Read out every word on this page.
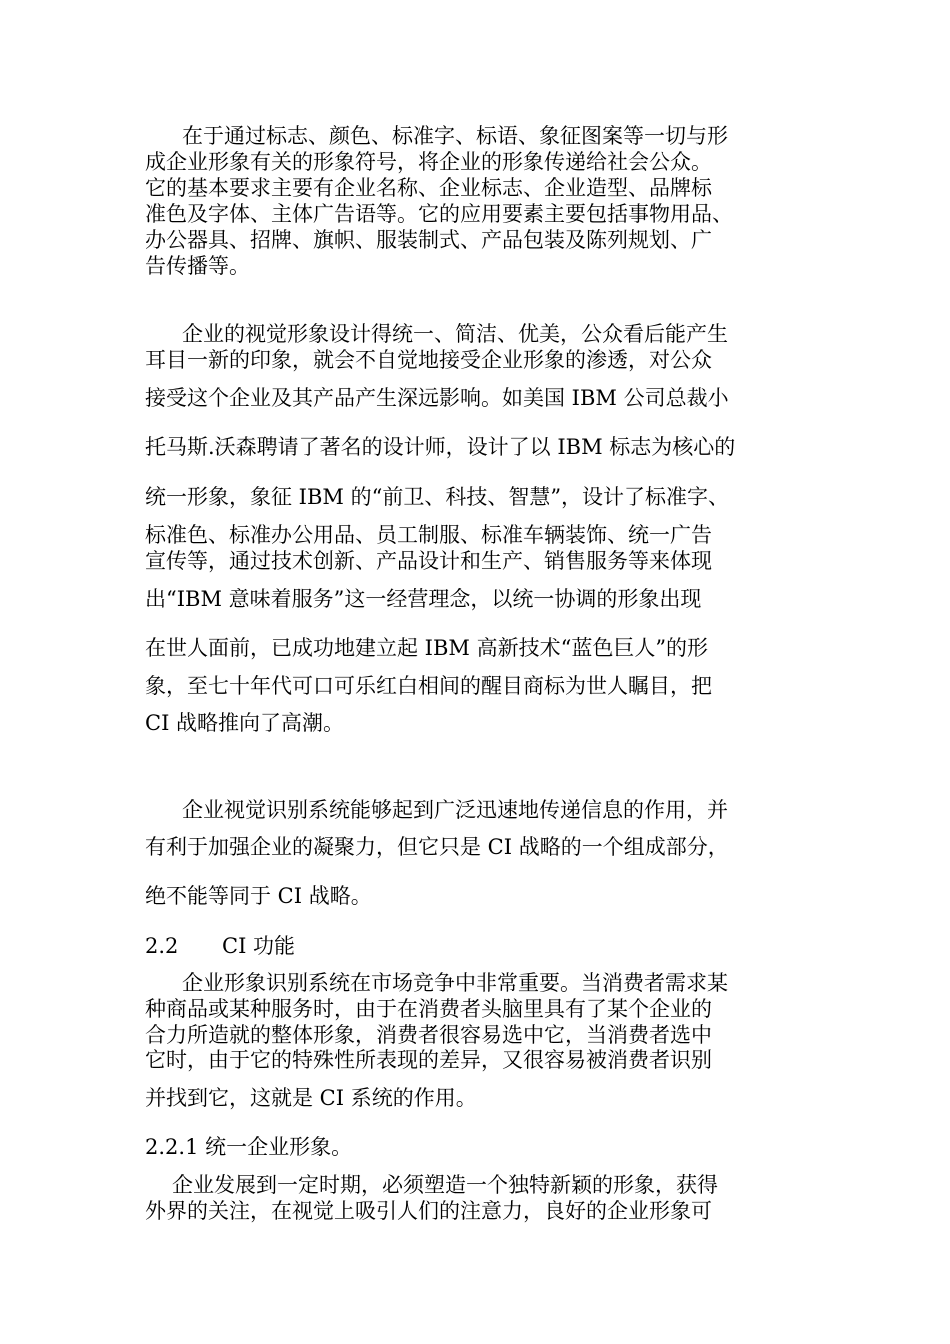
在于通过标志、颜色、标准字、标语、象征图案等一切与形
成企业形象有关的形象符号，将企业的形象传递给社会公众。
它的基本要求主要有企业名称、企业标志、企业造型、品牌标
准色及字体、主体广告语等。它的应用要素主要包括事物用品、
办公器具、招牌、旗帜、服装制式、产品包装及陈列规划、广
告传播等。
企业的视觉形象设计得统一、简洁、优美，公众看后能产生
耳目一新的印象，就会不自觉地接受企业形象的渗透，对公众
接受这个企业及其产品产生深远影响。如美国 IBM 公司总裁小
托马斯.沃森聘请了著名的设计师，设计了以 IBM 标志为核心的
统一形象，象征 IBM 的“前卫、科技、智慧”，设计了标准字、
标准色、标准办公用品、员工制服、标准车辆装饰、统一广告
宣传等，通过技术创新、产品设计和生产、销售服务等来体现
出“IBM 意味着服务”这一经营理念，以统一协调的形象出现
在世人面前，已成功地建立起 IBM 高新技术“蓝色巨人”的形
象，至七十年代可口可乐红白相间的醒目商标为世人瞩目，把
CI 战略推向了高潮。
企业视觉识别系统能够起到广泛迅速地传递信息的作用，并
有利于加强企业的凝聚力，但它只是 CI 战略的一个组成部分，
绝不能等同于 CI 战略。
2.2 CI 功能
企业形象识别系统在市场竞争中非常重要。当消费者需求某
种商品或某种服务时，由于在消费者头脑里具有了某个企业的
合力所造就的整体形象，消费者很容易选中它，当消费者选中
它时，由于它的特殊性所表现的差异，又很容易被消费者识别
并找到它，这就是 CI 系统的作用。
2.2.1 统一企业形象。
企业发展到一定时期，必须塑造一个独特新颖的形象，获得
外界的关注，在视觉上吸引人们的注意力，良好的企业形象可
